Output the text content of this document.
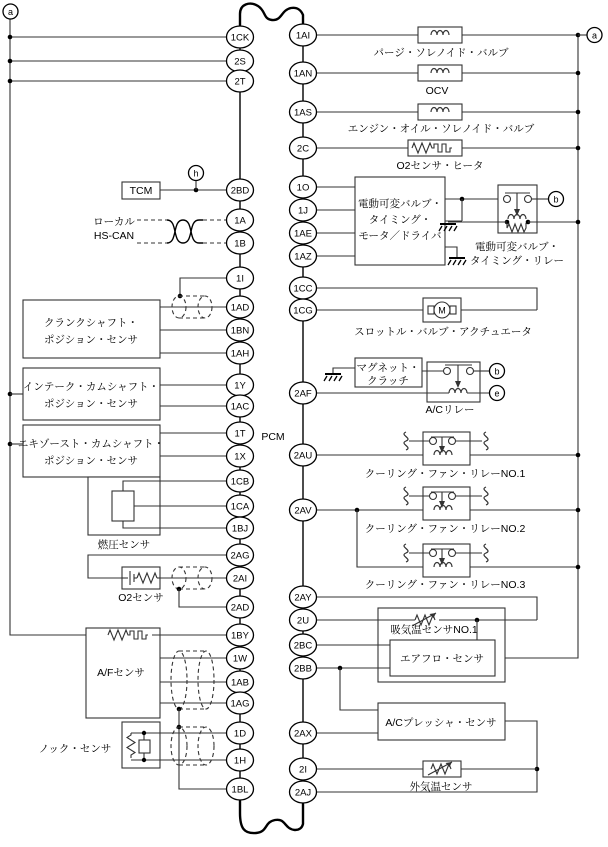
PCM
TCM
h
ローカル
HS-CAN
クランクシャフト・
ポジション・センサ
インテーク・カムシャフト・
ポジション・センサ
エキゾースト・カムシャフト・
ポジション・センサ
燃圧センサ
O2センサ
A/Fセンサ
ノック・センサ
パージ・ソレノイド・バルブ
OCV
エンジン・オイル・ソレノイド・バルブ
O2センサ・ヒータ
電動可変バルブ・
タイミング・
モータ／ドライバ
b
電動可変バルブ・
タイミング・リレー
M
スロットル・バルブ・アクチュエータ
マグネット・
クラッチ
b
e
A/Cリレー
クーリング・ファン・リレーNO.1
クーリング・ファン・リレーNO.2
クーリング・ファン・リレーNO.3
吸気温センサNO.1
エアフロ・センサ
A/Cプレッシャ・センサ
外気温センサ
a
a
1CK
2S
2T
2BD
1A
1B
1I
1AD
1BN
1AH
1Y
1AC
1T
1X
1CB
1CA
1BJ
2AG
2AI
2AD
1BY
1W
1AB
1AG
1D
1H
1BL
1AI
1AN
1AS
2C
1O
1J
1AE
1AZ
1CC
1CG
2AF
2AU
2AV
2AY
2U
2BC
2BB
2AX
2I
2AJ
